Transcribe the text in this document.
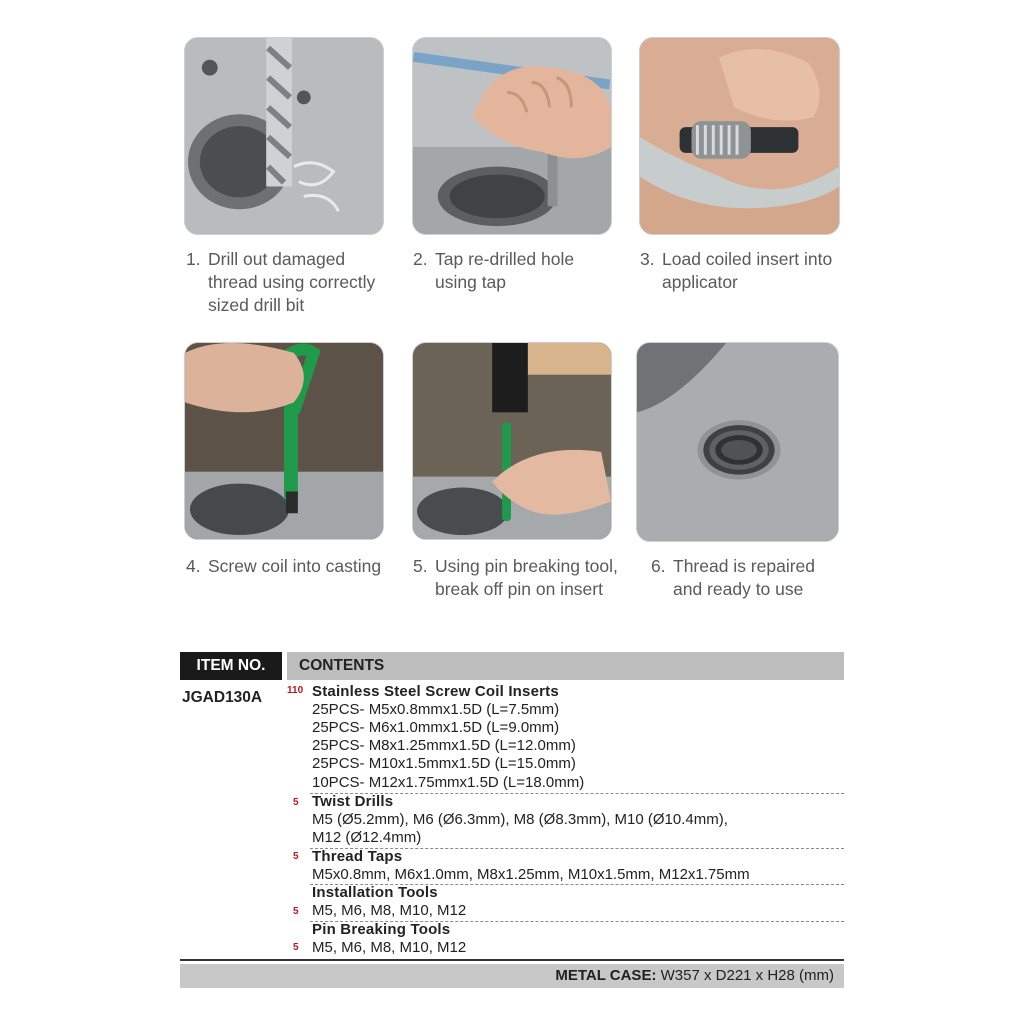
1. Drill out damaged thread using correctly sized drill bit
2. Tap re-drilled hole using tap
3. Load coiled insert into applicator
4. Screw coil into casting	5. Using pin breaking tool, break off pin on insert
6. Thread is repaired and ready to use
ITEM NO.	CONTENTS
JGAD130A 110 Stainless Steel Screw Coil Inserts
25PCS- M5x0.8mmx1.5D (L=7.5mm)
25PCS- M6x1.0mmx1.5D (L=9.0mm)
25PCS- M8x1.25mmx1.5D (L=12.0mm)
25PCS- M10x1.5mmx1.5D (L=15.0mm)
10PCS- M12x1.75mmx1.5D (L=18.0mm)
5 Twist Drills
M5 (Ø5.2mm), M6 (Ø6.3mm), M8 (Ø8.3mm), M10 (Ø10.4mm),
M12 (Ø12.4mm)
5 Thread Taps
M5x0.8mm, M6x1.0mm, M8x1.25mm, M10x1.5mm, M12x1.75mm
Installation Tools
5 M5, M6, M8, M10, M12
Pin Breaking Tools
5 M5, M6, M8, M10, M12
METAL CASE: W357 x D221 x H28 (mm)
